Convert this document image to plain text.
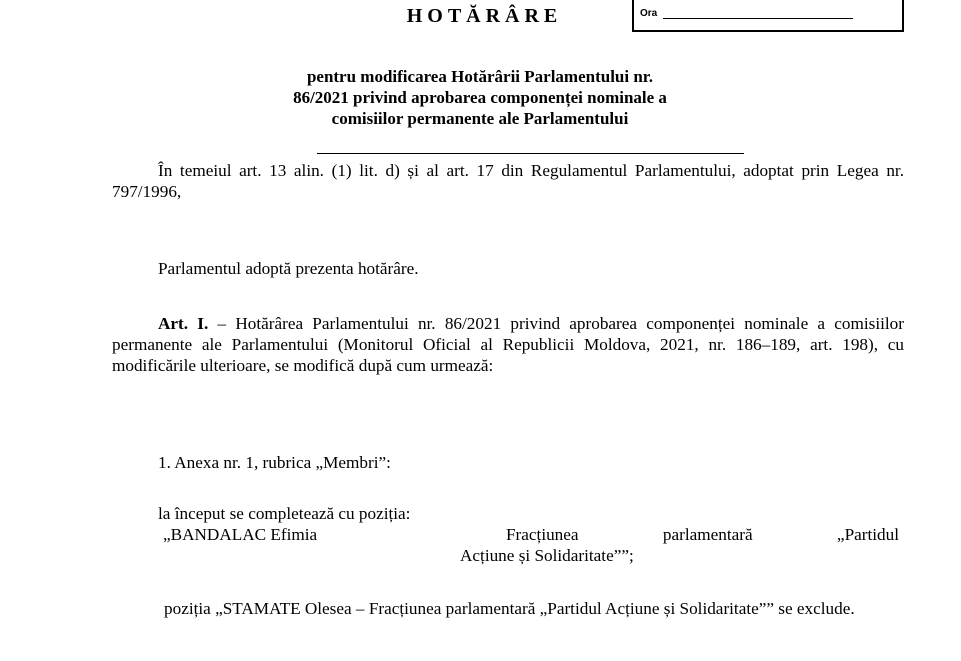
Ora
HOTĂRÂRE
pentru modificarea Hotărârii Parlamentului nr.
86/2021 privind aprobarea componenței nominale a
comisiilor permanente ale Parlamentului

În temeiul art. 13 alin. (1) lit. d) și al art. 17 din Regulamentul Parlamentului, adoptat prin Legea nr. 797/1996,

Parlamentul adoptă prezenta hotărâre.

Art. I. – Hotărârea Parlamentului nr. 86/2021 privind aprobarea componenței nominale a comisiilor permanente ale Parlamentului (Monitorul Oficial al Republicii Moldova, 2021, nr. 186–189, art. 198), cu modificările ulterioare, se modifică după cum urmează:

1. Anexa nr. 1, rubrica „Membri”:

la început se completează cu poziția:

„BANDALAC Efimia	Fracțiunea parlamentară „Partidul
Acțiune și Solidaritate””;

poziția „STAMATE Olesea – Fracțiunea parlamentară „Partidul Acțiune și Solidaritate”” se exclude.
